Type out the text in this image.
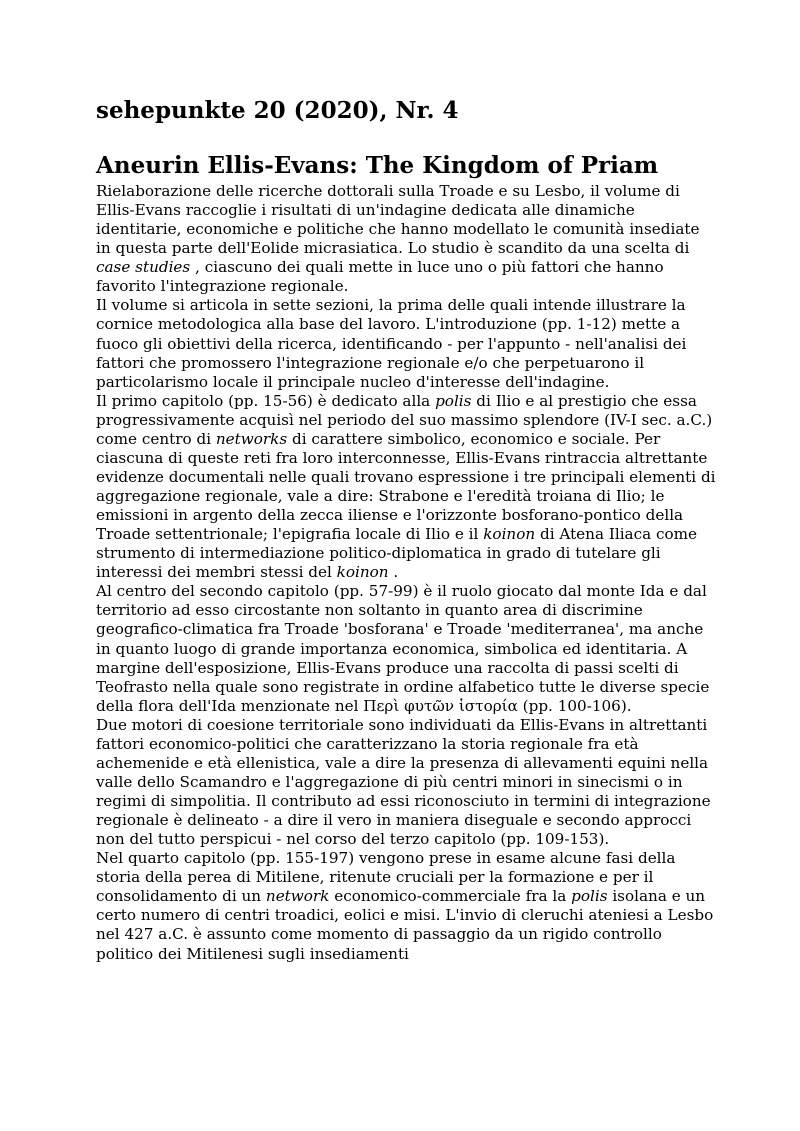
sehepunkte 20 (2020), Nr. 4
Aneurin Ellis-Evans: The Kingdom of Priam

Rielaborazione delle ricerche dottorali sulla Troade e su Lesbo, il volume di Ellis-Evans raccoglie i risultati di un'indagine dedicata alle dinamiche identitarie, economiche e politiche che hanno modellato le comunità insediate in questa parte dell'Eolide micrasiatica. Lo studio è scandito da una scelta di case studies , ciascuno dei quali mette in luce uno o più fattori che hanno favorito l'integrazione regionale.

Il volume si articola in sette sezioni, la prima delle quali intende illustrare la cornice metodologica alla base del lavoro. L'introduzione (pp. 1-12) mette a fuoco gli obiettivi della ricerca, identificando - per l'appunto - nell'analisi dei fattori che promossero l'integrazione regionale e/o che perpetuarono il particolarismo locale il principale nucleo d'interesse dell'indagine.

Il primo capitolo (pp. 15-56) è dedicato alla polis di Ilio e al prestigio che essa progressivamente acquisì nel periodo del suo massimo splendore (IV-I sec. a.C.) come centro di networks di carattere simbolico, economico e sociale. Per ciascuna di queste reti fra loro interconnesse, Ellis-Evans rintraccia altrettante evidenze documentali nelle quali trovano espressione i tre principali elementi di aggregazione regionale, vale a dire: Strabone e l'eredità troiana di Ilio; le emissioni in argento della zecca iliense e l'orizzonte bosforano-pontico della Troade settentrionale; l'epigrafia locale di Ilio e il koinon di Atena Iliaca come strumento di intermediazione politico-diplomatica in grado di tutelare gli interessi dei membri stessi del koinon .

Al centro del secondo capitolo (pp. 57-99) è il ruolo giocato dal monte Ida e dal territorio ad esso circostante non soltanto in quanto area di discrimine geografico-climatica fra Troade 'bosforana' e Troade 'mediterranea', ma anche in quanto luogo di grande importanza economica, simbolica ed identitaria. A margine dell'esposizione, Ellis-Evans produce una raccolta di passi scelti di Teofrasto nella quale sono registrate in ordine alfabetico tutte le diverse specie della flora dell'Ida menzionate nel Περὶ φυτῶν ἱστορία (pp. 100-106).

Due motori di coesione territoriale sono individuati da Ellis-Evans in altrettanti fattori economico-politici che caratterizzano la storia regionale fra età achemenide e età ellenistica, vale a dire la presenza di allevamenti equini nella valle dello Scamandro e l'aggregazione di più centri minori in sinecismi o in regimi di simpolitia. Il contributo ad essi riconosciuto in termini di integrazione regionale è delineato - a dire il vero in maniera diseguale e secondo approcci non del tutto perspicui - nel corso del terzo capitolo (pp. 109-153).

Nel quarto capitolo (pp. 155-197) vengono prese in esame alcune fasi della storia della perea di Mitilene, ritenute cruciali per la formazione e per il consolidamento di un network economico-commerciale fra la polis isolana e un certo numero di centri troadici, eolici e misi. L'invio di cleruchi ateniesi a Lesbo nel 427 a.C. è assunto come momento di passaggio da un rigido controllo politico dei Mitilenesi sugli insediamenti
